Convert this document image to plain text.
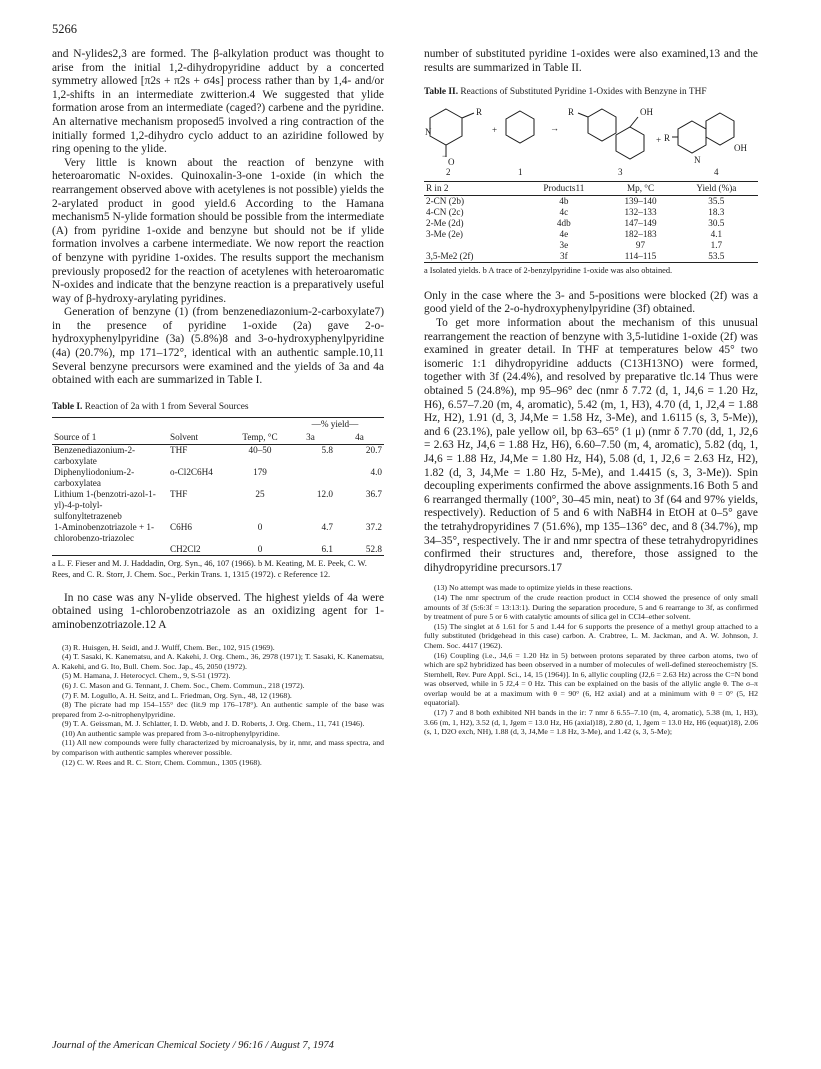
5266

and N-ylides2,3 are formed. The β-alkylation product was thought to arise from the initial 1,2-dihydropyridine adduct by a concerted symmetry allowed [π2s + π2s + σ4s] process rather than by 1,4- and/or 1,2-shifts in an intermediate zwitterion.4 We suggested that ylide formation arose from an intermediate (caged?) carbene and the pyridine. An alternative mechanism proposed5 involved a ring contraction of the initially formed 1,2-dihydro cyclo adduct to an aziridine followed by ring opening to the ylide.

Very little is known about the reaction of benzyne with heteroaromatic N-oxides. Quinoxalin-3-one 1-oxide (in which the rearrangement observed above with acetylenes is not possible) yields the 2-arylated product in good yield.6 According to the Hamana mechanism5 N-ylide formation should be possible from the intermediate (A) from pyridine 1-oxide and benzyne but should not be if ylide formation involves a carbene intermediate. We now report the reaction of benzyne with pyridine 1-oxides. The results support the mechanism previously proposed2 for the reaction of acetylenes with heteroaromatic N-oxides and indicate that the benzyne reaction is a preparatively useful way of β-hydroxy-arylating pyridines.

Generation of benzyne (1) (from benzenediazonium-2-carboxylate7) in the presence of pyridine 1-oxide (2a) gave 2-o-hydroxyphenylpyridine (3a) (5.8%)8 and 3-o-hydroxyphenylpyridine (4a) (20.7%), mp 171–172°, identical with an authentic sample.10,11 Several benzyne precursors were examined and the yields of 3a and 4a obtained with each are summarized in Table I.

Table I. Reaction of 2a with 1 from Several Sources

Source of 1	Solvent	Temp, °C	—% yield—	
			3a	4a
Benzenediazonium-2-carboxylate	THF	40–50	5.8	20.7
Diphenyliodonium-2-carboxylatea	o-Cl2C6H4	179		4.0
Lithium 1-(benzotri-azol-1-yl)-4-p-tolyl-sulfonyltetrazeneb	THF	25	12.0	36.7
1-Aminobenzotriazole + 1-chlorobenzo-triazolec	C6H6	0	4.7	37.2
	CH2Cl2	0	6.1	52.8

a L. F. Fieser and M. J. Haddadin, Org. Syn., 46, 107 (1966). b M. Keating, M. E. Peek, C. W. Rees, and C. R. Storr, J. Chem. Soc., Perkin Trans. 1, 1315 (1972). c Reference 12.

In no case was any N-ylide observed. The highest yields of 4a were obtained using 1-chlorobenzotriazole as an oxidizing agent for 1-aminobenzotriazole.12 A

(3) R. Huisgen, H. Seidl, and J. Wulff, Chem. Ber., 102, 915 (1969).

(4) T. Sasaki, K. Kanematsu, and A. Kakehi, J. Org. Chem., 36, 2978 (1971); T. Sasaki, K. Kanematsu, A. Kakehi, and G. Ito, Bull. Chem. Soc. Jap., 45, 2050 (1972).

(5) M. Hamana, J. Heterocycl. Chem., 9, S-51 (1972).

(6) J. C. Mason and G. Tennant, J. Chem. Soc., Chem. Commun., 218 (1972).

(7) F. M. Logullo, A. H. Seitz, and L. Friedman, Org. Syn., 48, 12 (1968).

(8) The picrate had mp 154–155° dec (lit.9 mp 176–178°). An authentic sample of the base was prepared from 2-o-nitrophenylpyridine.

(9) T. A. Geissman, M. J. Schlatter, I. D. Webb, and J. D. Roberts, J. Org. Chem., 11, 741 (1946).

(10) An authentic sample was prepared from 3-o-nitrophenylpyridine.

(11) All new compounds were fully characterized by microanalysis, by ir, nmr, and mass spectra, and by comparison with authentic samples wherever possible.

(12) C. W. Rees and R. C. Storr, Chem. Commun., 1305 (1968).

number of substituted pyridine 1-oxides were also examined,13 and the results are summarized in Table II.

Table II. Reactions of Substituted Pyridine 1-Oxides with Benzyne in THF

N
R
O
−
+	→
R	OH
+ R
OH
N
2	1	3	4
R in 2	Products11	Mp, °C	Yield (%)a
2-CN (2b)	4b	139–140	35.5
4-CN (2c)	4c	132–133	18.3
2-Me (2d)	4db	147–149	30.5
3-Me (2e)	4e	182–183	4.1
	3e	97	1.7
3,5-Me2 (2f)	3f	114–115	53.5

a Isolated yields. b A trace of 2-benzylpyridine 1-oxide was also obtained.

Only in the case where the 3- and 5-positions were blocked (2f) was a good yield of the 2-o-hydroxyphenylpyridine (3f) obtained.

To get more information about the mechanism of this unusual rearrangement the reaction of benzyne with 3,5-lutidine 1-oxide (2f) was examined in greater detail. In THF at temperatures below 45° two isomeric 1:1 dihydropyridine adducts (C13H13NO) were formed, together with 3f (24.4%), and resolved by preparative tlc.14 Thus were obtained 5 (24.8%), mp 95–96° dec (nmr δ 7.72 (d, 1, J4,6 = 1.20 Hz, H6), 6.57–7.20 (m, 4, aromatic), 5.42 (m, 1, H3), 4.70 (d, 1, J2,4 = 1.88 Hz, H2), 1.91 (d, 3, J4,Me = 1.58 Hz, 3-Me), and 1.6115 (s, 3, 5-Me)), and 6 (23.1%), pale yellow oil, bp 63–65° (1 μ) (nmr δ 7.70 (dd, 1, J2,6 = 2.63 Hz, J4,6 = 1.88 Hz, H6), 6.60–7.50 (m, 4, aromatic), 5.82 (dq, 1, J4,6 = 1.88 Hz, J4,Me = 1.80 Hz, H4), 5.08 (d, 1, J2,6 = 2.63 Hz, H2), 1.82 (d, 3, J4,Me = 1.80 Hz, 5-Me), and 1.4415 (s, 3, 3-Me)). Spin decoupling experiments confirmed the above assignments.16 Both 5 and 6 rearranged thermally (100°, 30–45 min, neat) to 3f (64 and 97% yields, respectively). Reduction of 5 and 6 with NaBH4 in EtOH at 0–5° gave the tetrahydropyridines 7 (51.6%), mp 135–136° dec, and 8 (34.7%), mp 34–35°, respectively. The ir and nmr spectra of these tetrahydropyridines confirmed their structures and, therefore, those assigned to the dihydropyridine precursors.17

(13) No attempt was made to optimize yields in these reactions.

(14) The nmr spectrum of the crude reaction product in CCl4 showed the presence of only small amounts of 3f (5:6:3f = 13:13:1). During the separation procedure, 5 and 6 rearrange to 3f, as confirmed by treatment of pure 5 or 6 with catalytic amounts of silica gel in CCl4–ether solvent.

(15) The singlet at δ 1.61 for 5 and 1.44 for 6 supports the presence of a methyl group attached to a fully substituted (bridgehead in this case) carbon. A. Crabtree, L. M. Jackman, and A. W. Johnson, J. Chem. Soc. 4417 (1962).

(16) Coupling (i.e., J4,6 = 1.20 Hz in 5) between protons separated by three carbon atoms, two of which are sp2 hybridized has been observed in a number of molecules of well-defined stereochemistry [S. Sternhell, Rev. Pure Appl. Sci., 14, 15 (1964)]. In 6, allylic coupling (J2,6 = 2.63 Hz) across the C=N bond was observed, while in 5 J2,4 = 0 Hz. This can be explained on the basis of the allylic angle θ. The σ–π overlap would be at a maximum with θ = 90° (6, H2 axial) and at a minimum with θ = 0° (5, H2 equatorial).

(17) 7 and 8 both exhibited NH bands in the ir: 7 nmr δ 6.55–7.10 (m, 4, aromatic), 5.38 (m, 1, H3), 3.66 (m, 1, H2), 3.52 (d, 1, Jgem = 13.0 Hz, H6 (axial)18), 2.80 (d, 1, Jgem = 13.0 Hz, H6 (equat)18), 2.06 (s, 1, D2O exch, NH), 1.88 (d, 3, J4,Me = 1.8 Hz, 3-Me), and 1.42 (s, 3, 5-Me);

Journal of the American Chemical Society / 96:16 / August 7, 1974
